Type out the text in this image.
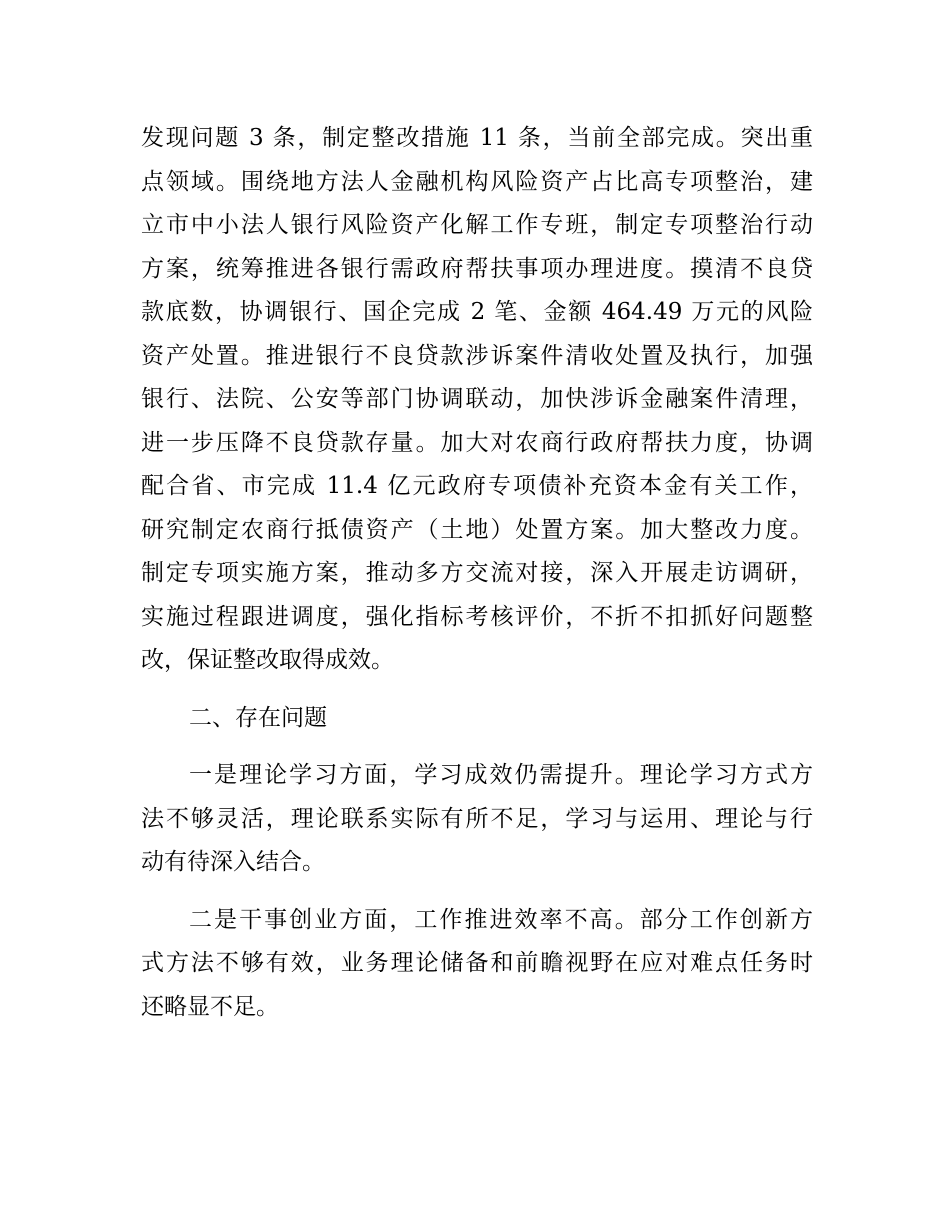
发现问题 3 条，制定整改措施 11 条，当前全部完成。突出重
点领域。围绕地方法人金融机构风险资产占比高专项整治，建
立市中小法人银行风险资产化解工作专班，制定专项整治行动
方案，统筹推进各银行需政府帮扶事项办理进度。摸清不良贷
款底数，协调银行、国企完成 2 笔、金额 464.49 万元的风险
资产处置。推进银行不良贷款涉诉案件清收处置及执行，加强
银行、法院、公安等部门协调联动，加快涉诉金融案件清理，
进一步压降不良贷款存量。加大对农商行政府帮扶力度，协调
配合省、市完成 11.4 亿元政府专项债补充资本金有关工作，
研究制定农商行抵债资产（土地）处置方案。加大整改力度。
制定专项实施方案，推动多方交流对接，深入开展走访调研，
实施过程跟进调度，强化指标考核评价，不折不扣抓好问题整
改，保证整改取得成效。
二、存在问题
一是理论学习方面，学习成效仍需提升。理论学习方式方
法不够灵活，理论联系实际有所不足，学习与运用、理论与行
动有待深入结合。
二是干事创业方面，工作推进效率不高。部分工作创新方
式方法不够有效，业务理论储备和前瞻视野在应对难点任务时
还略显不足。
